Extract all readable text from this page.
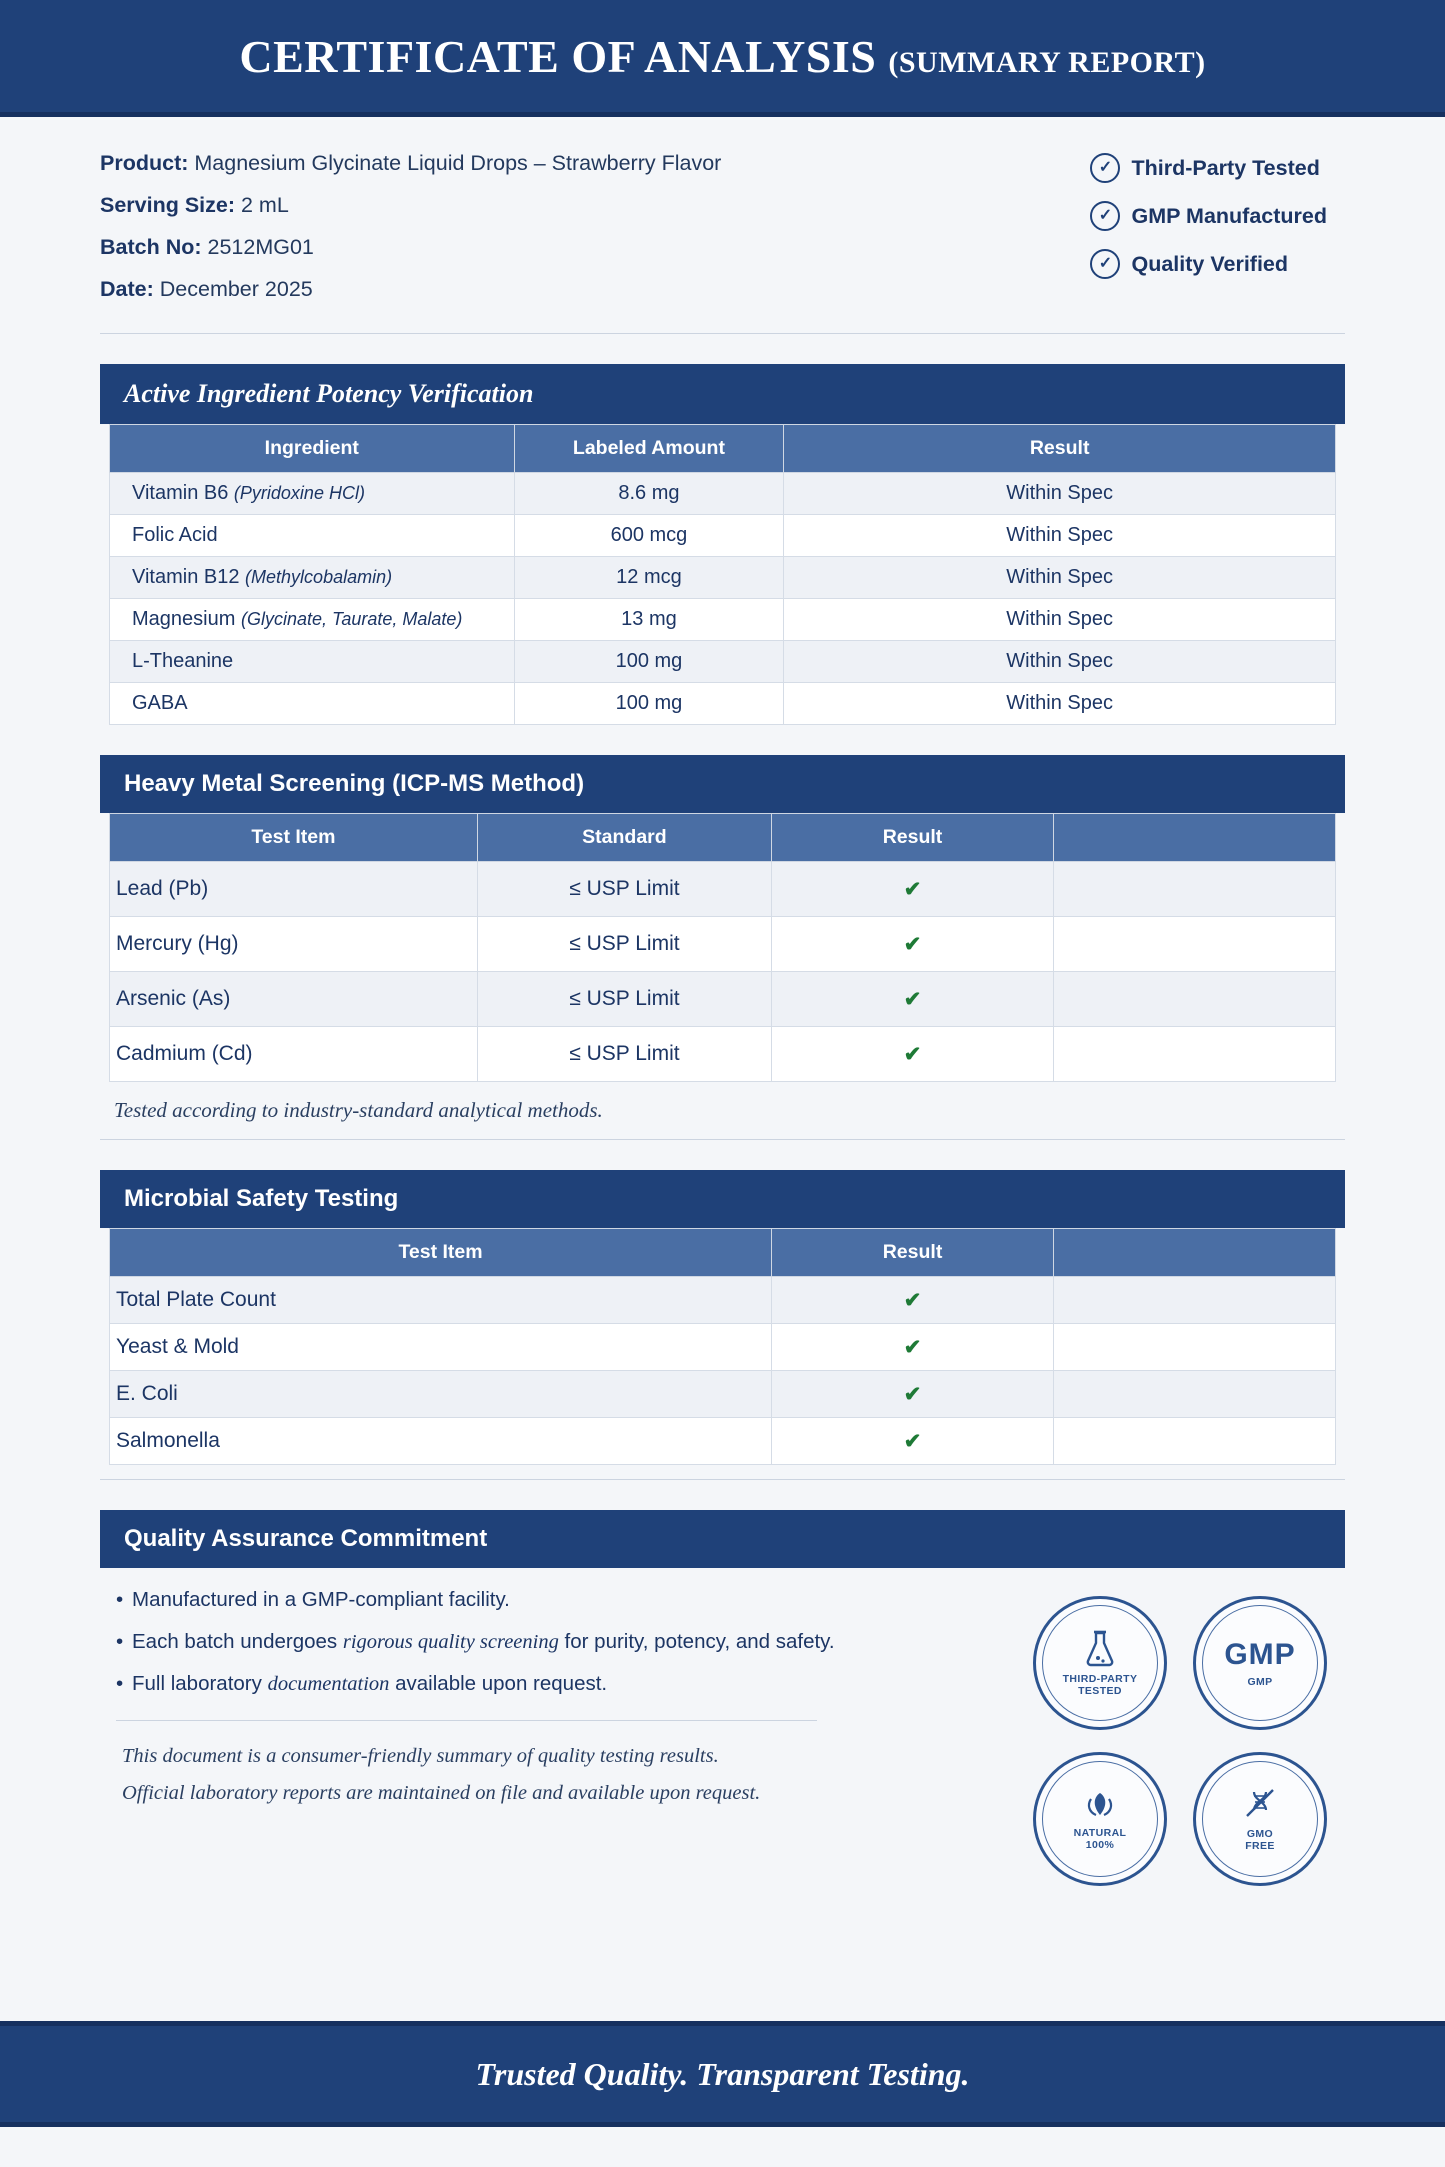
CERTIFICATE OF ANALYSIS (SUMMARY REPORT)
Product: Magnesium Glycinate Liquid Drops – Strawberry Flavor
Serving Size: 2 mL
Batch No: 2512MG01
Date: December 2025
✓ Third-Party Tested
✓ GMP Manufactured
✓ Quality Verified
Active Ingredient Potency Verification
Ingredient	Labeled Amount	Result
Vitamin B6 (Pyridoxine HCl)	8.6 mg	Within Spec
Folic Acid	600 mcg	Within Spec
Vitamin B12 (Methylcobalamin)	12 mcg	Within Spec
Magnesium (Glycinate, Taurate, Malate)	13 mg	Within Spec
L-Theanine	100 mg	Within Spec
GABA	100 mg	Within Spec
Heavy Metal Screening (ICP-MS Method)
Test Item	Standard	Result	
Lead (Pb)	≤ USP Limit	✔	
Mercury (Hg)	≤ USP Limit	✔	
Arsenic (As)	≤ USP Limit	✔	
Cadmium (Cd)	≤ USP Limit	✔	
Tested according to industry-standard analytical methods.
Microbial Safety Testing
Test Item	Result	
Total Plate Count	✔	
Yeast & Mold	✔	
E. Coli	✔	
Salmonella	✔	
Quality Assurance Commitment
• Manufactured in a GMP-compliant facility.
• Each batch undergoes rigorous quality screening for purity, potency, and safety.
• Full laboratory documentation available upon request.
This document is a consumer-friendly summary of quality testing results.
Official laboratory reports are maintained on file and available upon request.
THIRD-PARTY
TESTED
GMP
GMP
NATURAL
100%
GMO
FREE
Trusted Quality. Transparent Testing.
